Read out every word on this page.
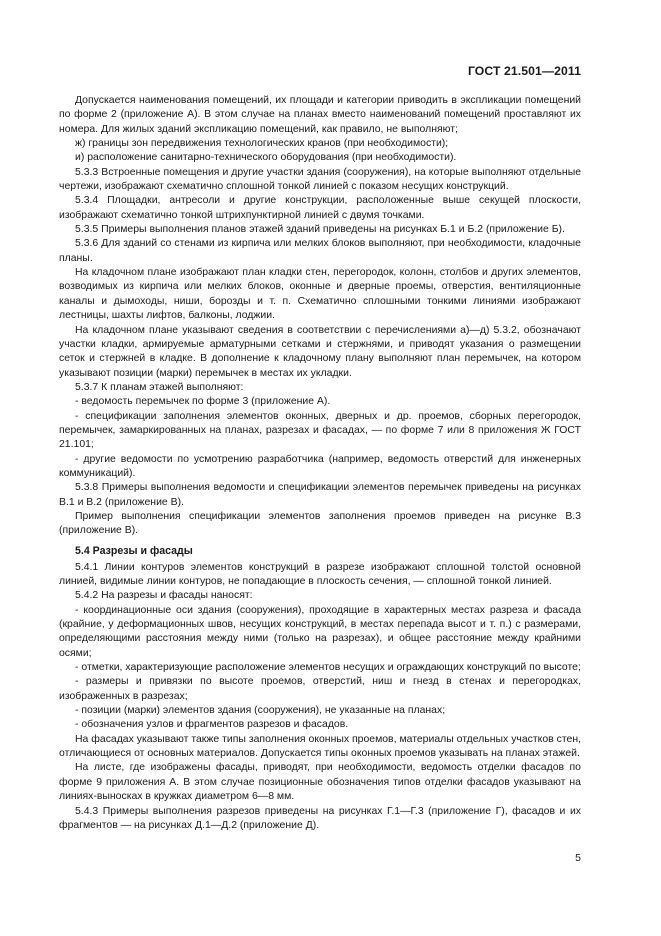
ГОСТ 21.501—2011

Допускается наименования помещений, их площади и категории приводить в экспликации помещений по форме 2 (приложение А). В этом случае на планах вместо наименований помещений проставляют их номера. Для жилых зданий экспликацию помещений, как правило, не выполняют;

ж) границы зон передвижения технологических кранов (при необходимости);

и) расположение санитарно-технического оборудования (при необходимости).

5.3.3 Встроенные помещения и другие участки здания (сооружения), на которые выполняют отдельные чертежи, изображают схематично сплошной тонкой линией с показом несущих конструкций.

5.3.4 Площадки, антресоли и другие конструкции, расположенные выше секущей плоскости, изображают схематично тонкой штрихпунктирной линией с двумя точками.

5.3.5 Примеры выполнения планов этажей зданий приведены на рисунках Б.1 и Б.2 (приложение Б).

5.3.6 Для зданий со стенами из кирпича или мелких блоков выполняют, при необходимости, кладочные планы.

На кладочном плане изображают план кладки стен, перегородок, колонн, столбов и других элементов, возводимых из кирпича или мелких блоков, оконные и дверные проемы, отверстия, вентиляционные каналы и дымоходы, ниши, борозды и т. п. Схематично сплошными тонкими линиями изображают лестницы, шахты лифтов, балконы, лоджии.

На кладочном плане указывают сведения в соответствии с перечислениями а)—д) 5.3.2, обозначают участки кладки, армируемые арматурными сетками и стержнями, и приводят указания о размещении сеток и стержней в кладке. В дополнение к кладочному плану выполняют план перемычек, на котором указывают позиции (марки) перемычек в местах их укладки.

5.3.7 К планам этажей выполняют:

- ведомость перемычек по форме 3 (приложение А).

- спецификации заполнения элементов оконных, дверных и др. проемов, сборных перегородок, перемычек, замаркированных на планах, разрезах и фасадах, — по форме 7 или 8 приложения Ж ГОСТ 21.101;

- другие ведомости по усмотрению разработчика (например, ведомость отверстий для инженерных коммуникаций).

5.3.8 Примеры выполнения ведомости и спецификации элементов перемычек приведены на рисунках В.1 и В.2 (приложение В).

Пример выполнения спецификации элементов заполнения проемов приведен на рисунке В.3 (приложение В).

5.4 Разрезы и фасады

5.4.1 Линии контуров элементов конструкций в разрезе изображают сплошной толстой основной линией, видимые линии контуров, не попадающие в плоскость сечения, — сплошной тонкой линией.

5.4.2 На разрезы и фасады наносят:

- координационные оси здания (сооружения), проходящие в характерных местах разреза и фасада (крайние, у деформационных швов, несущих конструкций, в местах перепада высот и т. п.) с размерами, определяющими расстояния между ними (только на разрезах), и общее расстояние между крайними осями;

- отметки, характеризующие расположение элементов несущих и ограждающих конструкций по высоте;

- размеры и привязки по высоте проемов, отверстий, ниш и гнезд в стенах и перегородках, изображенных в разрезах;

- позиции (марки) элементов здания (сооружения), не указанные на планах;

- обозначения узлов и фрагментов разрезов и фасадов.

На фасадах указывают также типы заполнения оконных проемов, материалы отдельных участков стен, отличающиеся от основных материалов. Допускается типы оконных проемов указывать на планах этажей.

На листе, где изображены фасады, приводят, при необходимости, ведомость отделки фасадов по форме 9 приложения А. В этом случае позиционные обозначения типов отделки фасадов указывают на линиях-выносках в кружках диаметром 6—8 мм.

5.4.3 Примеры выполнения разрезов приведены на рисунках Г.1—Г.3 (приложение Г), фасадов и их фрагментов — на рисунках Д.1—Д.2 (приложение Д).

5
